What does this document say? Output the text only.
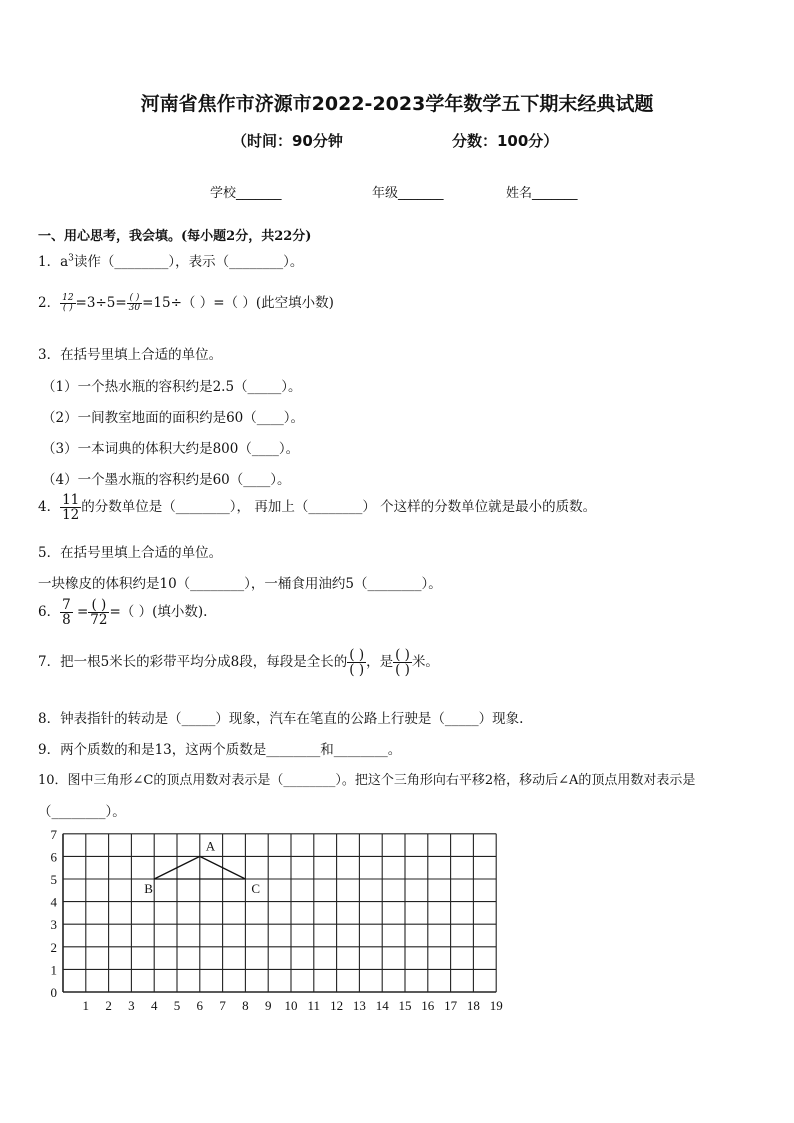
河南省焦作市济源市2022-2023学年数学五下期末经典试题
（时间：90分钟	分数：100分）
学校_______	年级_______	姓名_______
一、用心思考，我会填。(每小题2分，共22分)
1．$a^3$读作（________），表示（________）。
2． $\frac{12}{( )} =3\div 5= \frac{( )}{30} =15\div$（ ）=（ ）(此空填小数)
3．在括号里填上合适的单位。
（1）一个热水瓶的容积约是2.5（_____）。
（2）一间教室地面的面积约是60（____）。
（3）一本词典的体积大约是800（____）。
（4）一个墨水瓶的容积约是60（____）。
4． $\frac{11}{12}$ 的分数单位是（________）， 再加上（________） 个这样的分数单位就是最小的质数。
5．在括号里填上合适的单位。
一块橡皮的体积约是10（________），一桶食用油约5（________）。
6． $\frac{7}{8} = \frac{( )}{72}$ =（ ）(填小数).
7．把一根5米长的彩带平均分成8段，每段是全长的 $\frac{( )}{( )}$ ，是 $\frac{( )}{( )}$ 米。
8．钟表指针的转动是（_____）现象，汽车在笔直的公路上行驶是（_____）现象.
9．两个质数的和是13，这两个质数是________和________。
10．图中三角形∠C的顶点用数对表示是（________）。把这个三角形向右平移2格，移动后∠A的顶点用数对表示是
（________）。
1 2 3 4 5 6 7 8 9 10 11 12 13 14 15 16 17 18 19
0
1
2
3
4
5
6
7
A
B	C
